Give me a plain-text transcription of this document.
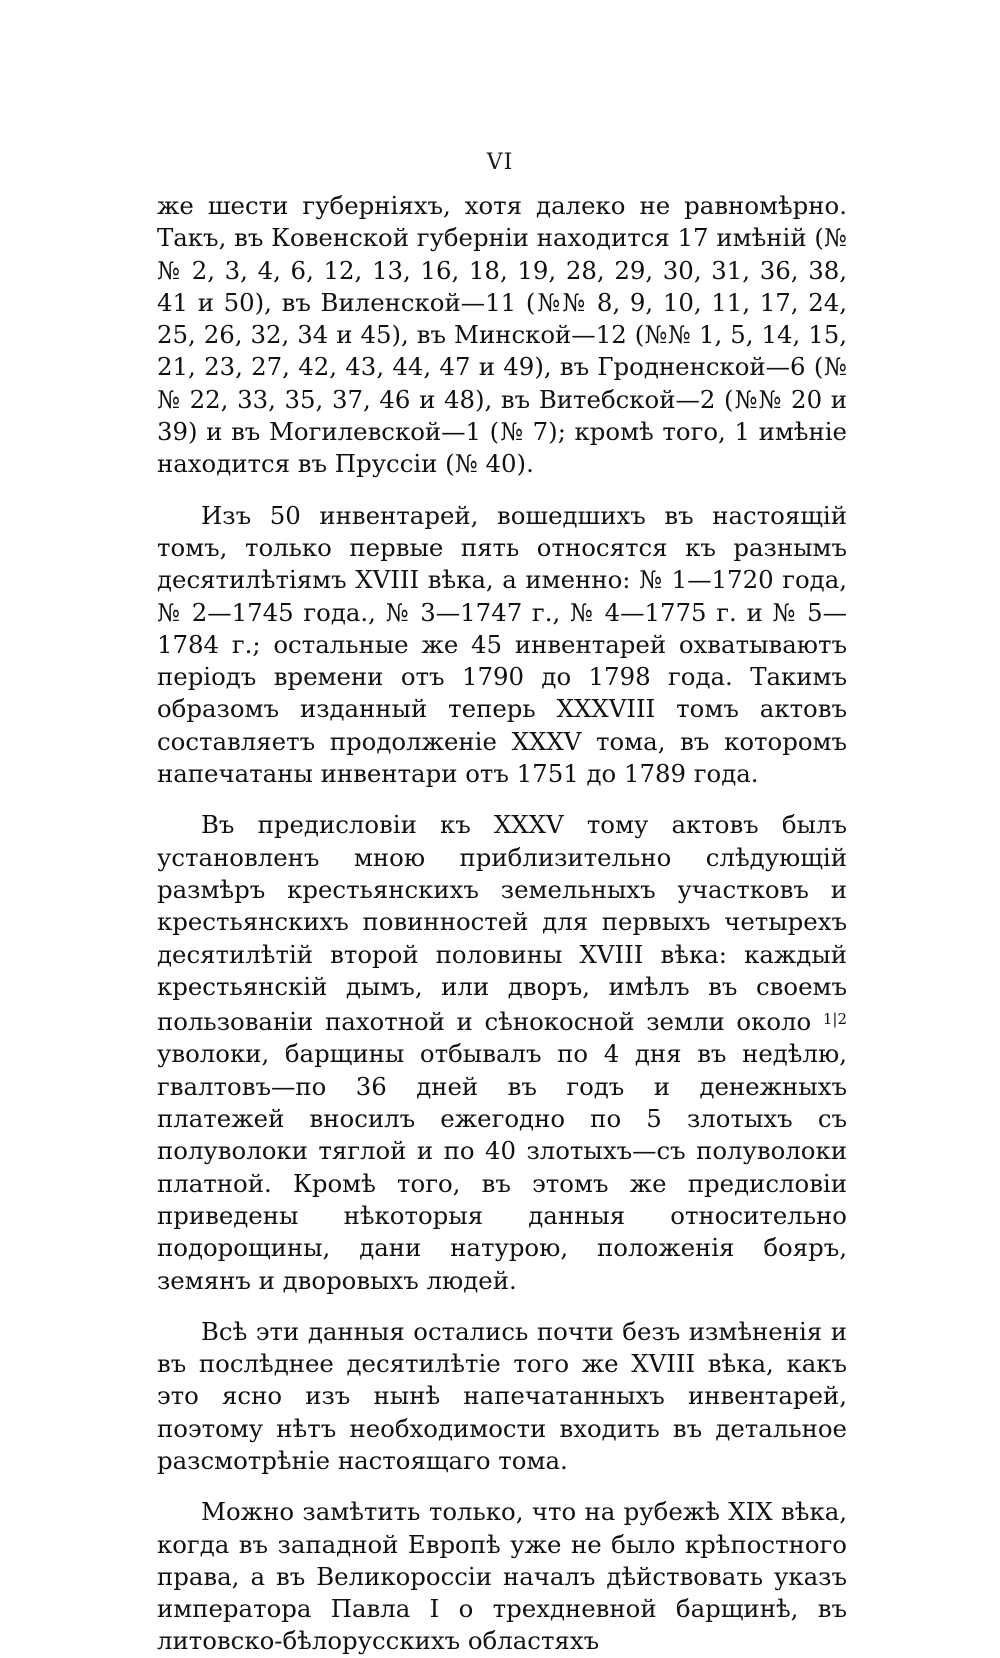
VI

же шести губерніяхъ, хотя далеко не равномѣрно. Такъ, въ Ковенской губерніи находится 17 имѣній (№№ 2, 3, 4, 6, 12, 13, 16, 18, 19, 28, 29, 30, 31, 36, 38, 41 и 50), въ Виленской—11 (№№ 8, 9, 10, 11, 17, 24, 25, 26, 32, 34 и 45), въ Минской—12 (№№ 1, 5, 14, 15, 21, 23, 27, 42, 43, 44, 47 и 49), въ Гродненской—6 (№№ 22, 33, 35, 37, 46 и 48), въ Витебской—2 (№№ 20 и 39) и въ Могилевской—1 (№ 7); кромѣ того, 1 имѣніе находится въ Пруссіи (№ 40).

Изъ 50 инвентарей, вошедшихъ въ настоящій томъ, только первые пять относятся къ разнымъ десятилѣтіямъ XVIII вѣка, а именно: № 1—1720 года, № 2—1745 года., № 3—1747 г., № 4—1775 г. и № 5—1784 г.; остальные же 45 инвентарей охватываютъ періодъ времени отъ 1790 до 1798 года. Такимъ образомъ изданный теперь XXXVIII томъ актовъ составляетъ продолженіе XXXV тома, въ которомъ напечатаны инвентари отъ 1751 до 1789 года.

Въ предисловіи къ XXXV тому актовъ былъ установленъ мною приблизительно слѣдующій размѣръ крестьянскихъ земельныхъ участковъ и крестьянскихъ повинностей для первыхъ четырехъ десятилѣтій второй половины XVIII вѣка: каждый крестьянскій дымъ, или дворъ, имѣлъ въ своемъ пользованіи пахотной и сѣнокосной земли около $^{1|2}$ уволоки, барщины отбывалъ по 4 дня въ недѣлю, гвалтовъ—по 36 дней въ годъ и денежныхъ платежей вносилъ ежегодно по 5 злотыхъ съ полуволоки тяглой и по 40 злотыхъ—съ полуволоки платной. Кромѣ того, въ этомъ же предисловіи приведены нѣкоторыя данныя относительно подорощины, дани натурою, положенія бояръ, земянъ и дворовыхъ людей.

Всѣ эти данныя остались почти безъ измѣненія и въ послѣднее десятилѣтіе того же XVIII вѣка, какъ это ясно изъ нынѣ напечатанныхъ инвентарей, поэтому нѣтъ необходимости входить въ детальное разсмотрѣніе настоящаго тома.

Можно замѣтить только, что на рубежѣ XIX вѣка, когда въ западной Европѣ уже не было крѣпостного права, а въ Великороссіи началъ дѣйствовать указъ императора Павла I о трехдневной барщинѣ, въ литовско-бѣлорусскихъ областяхъ
